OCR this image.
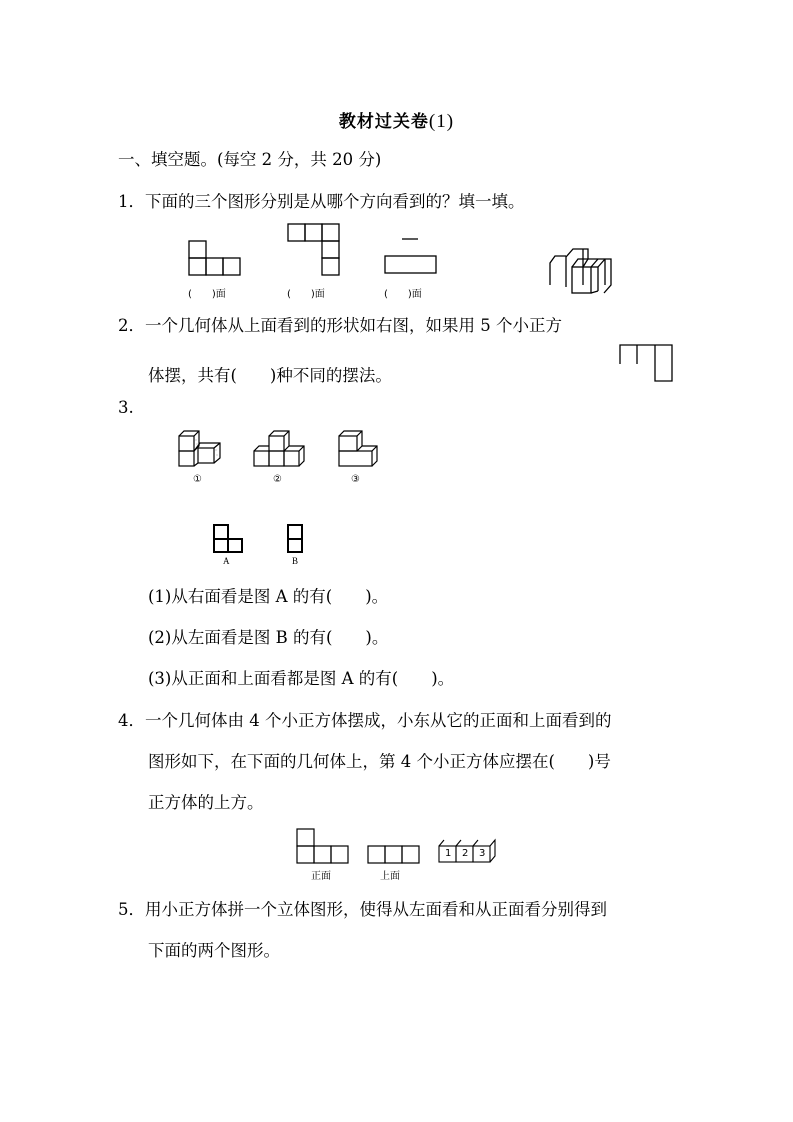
教材过关卷(1)
一、填空题。(每空 2 分，共 20 分)
1．下面的三个图形分别是从哪个方向看到的？填一填。
(　　)面	(　　)面	(　　)面
2．一个几何体从上面看到的形状如右图，如果用 5 个小正方
体摆，共有(　　)种不同的摆法。
3.
①	②	③
A	B
(1)从右面看是图 A 的有(　　)。
(2)从左面看是图 B 的有(　　)。
(3)从正面和上面看都是图 A 的有(　　)。
4．一个几何体由 4 个小正方体摆成，小东从它的正面和上面看到的
图形如下，在下面的几何体上，第 4 个小正方体应摆在(　　)号
正方体的上方。
正面	上面
1 2 3
5．用小正方体拼一个立体图形，使得从左面看和从正面看分别得到
下面的两个图形。
